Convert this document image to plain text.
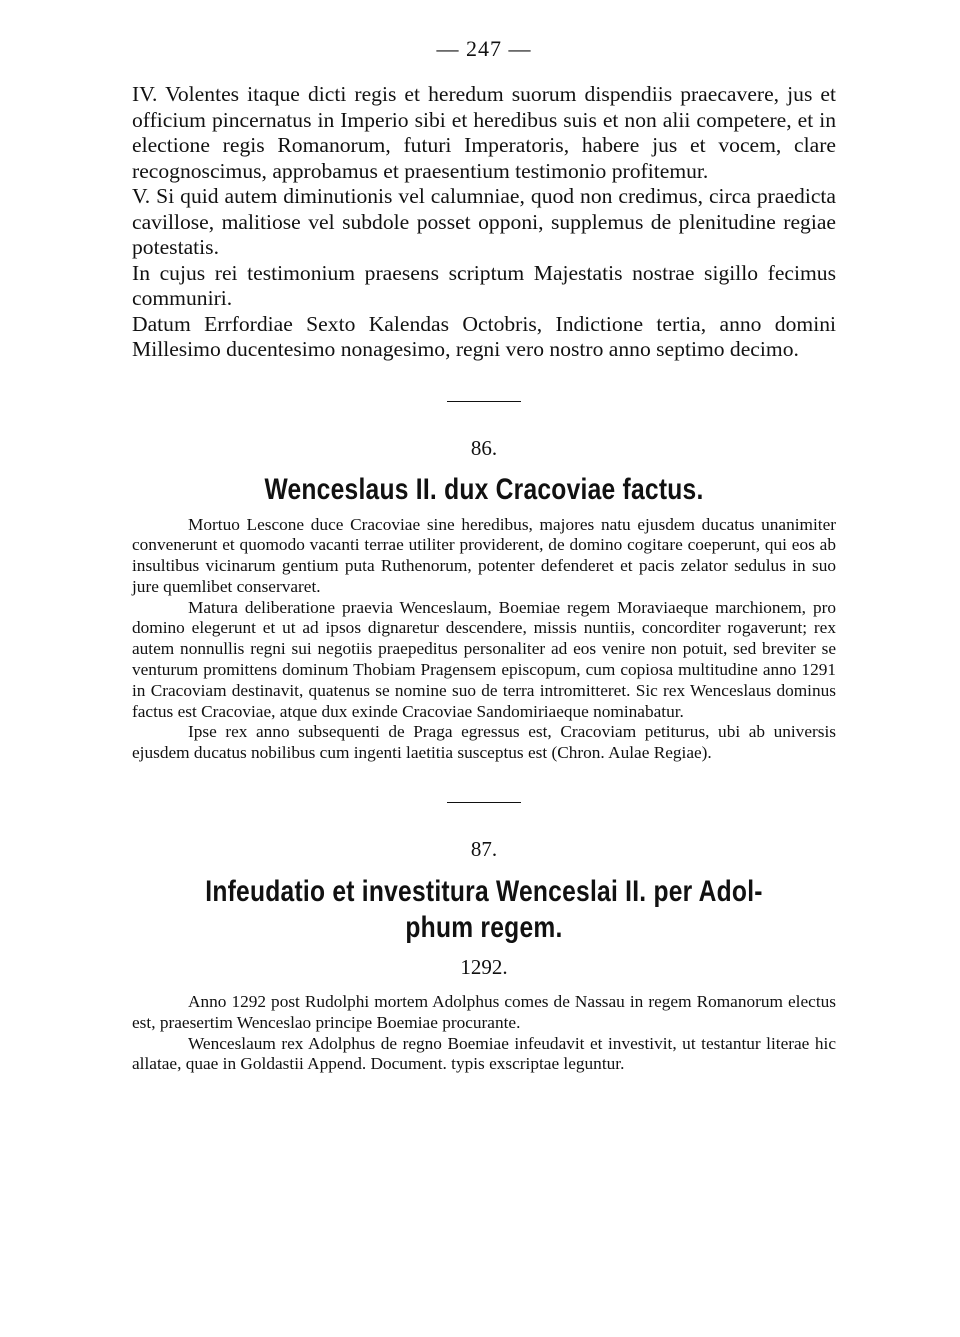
— 247 —

IV. Volentes itaque dicti regis et heredum suorum dispendiis praecavere, jus et officium pincernatus in Imperio sibi et heredibus suis et non alii competere, et in electione regis Romanorum, futuri Imperatoris, habere jus et vocem, clare recognoscimus, approbamus et praesentium testimonio profitemur.

V. Si quid autem diminutionis vel calumniae, quod non credimus, circa praedicta cavillose, malitiose vel subdole posset opponi, supplemus de plenitudine regiae potestatis.

In cujus rei testimonium praesens scriptum Majestatis nostrae sigillo fecimus communiri.

Datum Errfordiae Sexto Kalendas Octobris, Indictione tertia, anno domini Millesimo ducentesimo nonagesimo, regni vero nostro anno septimo decimo.

86.
Wenceslaus II. dux Cracoviae factus.

Mortuo Lescone duce Cracoviae sine heredibus, majores natu ejusdem ducatus unanimiter convenerunt et quomodo vacanti terrae utiliter providerent, de domino cogitare coeperunt, qui eos ab insultibus vicinarum gentium puta Ruthenorum, potenter defenderet et pacis zelator sedulus in suo jure quemlibet conservaret.

Matura deliberatione praevia Wenceslaum, Boemiae regem Moraviaeque marchionem, pro domino elegerunt et ut ad ipsos dignaretur descendere, missis nuntiis, concorditer rogaverunt; rex autem nonnullis regni sui negotiis praepeditus personaliter ad eos venire non potuit, sed breviter se venturum promittens dominum Thobiam Pragensem episcopum, cum copiosa multitudine anno 1291 in Cracoviam destinavit, quatenus se nomine suo de terra intromitteret. Sic rex Wenceslaus dominus factus est Cracoviae, atque dux exinde Cracoviae Sandomiriaeque nominabatur.

Ipse rex anno subsequenti de Praga egressus est, Cracoviam petiturus, ubi ab universis ejusdem ducatus nobilibus cum ingenti laetitia susceptus est (Chron. Aulae Regiae).

87.
Infeudatio et investitura Wenceslai II. per Adol-
phum regem.
1292.

Anno 1292 post Rudolphi mortem Adolphus comes de Nassau in regem Romanorum electus est, praesertim Wenceslao principe Boemiae procurante.

Wenceslaum rex Adolphus de regno Boemiae infeudavit et investivit, ut testantur literae hic allatae, quae in Goldastii Append. Document. typis exscriptae leguntur.
